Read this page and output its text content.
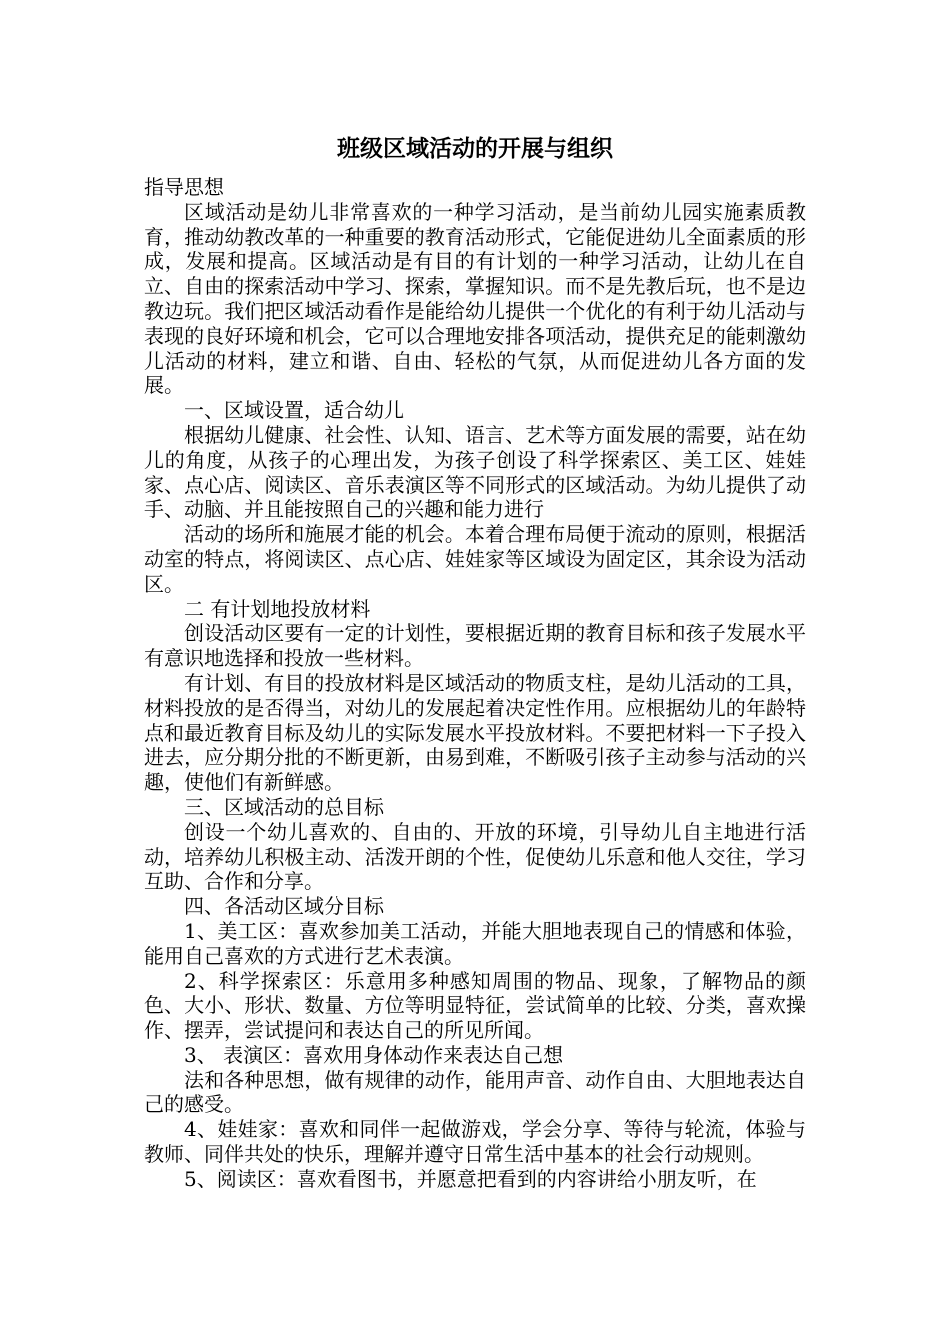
班级区域活动的开展与组织

指导思想

区域活动是幼儿非常喜欢的一种学习活动，是当前幼儿园实施素质教育，推动幼教改革的一种重要的教育活动形式，它能促进幼儿全面素质的形成，发展和提高。区域活动是有目的有计划的一种学习活动，让幼儿在自立、自由的探索活动中学习、探索，掌握知识。而不是先教后玩，也不是边教边玩。我们把区域活动看作是能给幼儿提供一个优化的有利于幼儿活动与表现的良好环境和机会，它可以合理地安排各项活动，提供充足的能刺激幼儿活动的材料，建立和谐、自由、轻松的气氛，从而促进幼儿各方面的发展。

一、区域设置，适合幼儿

根据幼儿健康、社会性、认知、语言、艺术等方面发展的需要，站在幼儿的角度，从孩子的心理出发，为孩子创设了科学探索区、美工区、娃娃家、点心店、阅读区、音乐表演区等不同形式的区域活动。为幼儿提供了动手、动脑、并且能按照自己的兴趣和能力进行

活动的场所和施展才能的机会。本着合理布局便于流动的原则，根据活动室的特点，将阅读区、点心店、娃娃家等区域设为固定区，其余设为活动区。

二 有计划地投放材料

创设活动区要有一定的计划性，要根据近期的教育目标和孩子发展水平有意识地选择和投放一些材料。

有计划、有目的投放材料是区域活动的物质支柱，是幼儿活动的工具，材料投放的是否得当，对幼儿的发展起着决定性作用。应根据幼儿的年龄特点和最近教育目标及幼儿的实际发展水平投放材料。不要把材料一下子投入进去，应分期分批的不断更新，由易到难，不断吸引孩子主动参与活动的兴趣，使他们有新鲜感。

三、区域活动的总目标

创设一个幼儿喜欢的、自由的、开放的环境，引导幼儿自主地进行活动，培养幼儿积极主动、活泼开朗的个性，促使幼儿乐意和他人交往，学习互助、合作和分享。

四、各活动区域分目标

1、美工区：喜欢参加美工活动，并能大胆地表现自己的情感和体验，能用自己喜欢的方式进行艺术表演。

2、科学探索区：乐意用多种感知周围的物品、现象，了解物品的颜色、大小、形状、数量、方位等明显特征，尝试简单的比较、分类，喜欢操作、摆弄，尝试提问和表达自己的所见所闻。

3、 表演区：喜欢用身体动作来表达自己想

法和各种思想，做有规律的动作，能用声音、动作自由、大胆地表达自己的感受。

4、娃娃家：喜欢和同伴一起做游戏，学会分享、等待与轮流，体验与教师、同伴共处的快乐，理解并遵守日常生活中基本的社会行动规则。

5、阅读区：喜欢看图书，并愿意把看到的内容讲给小朋友听，在
